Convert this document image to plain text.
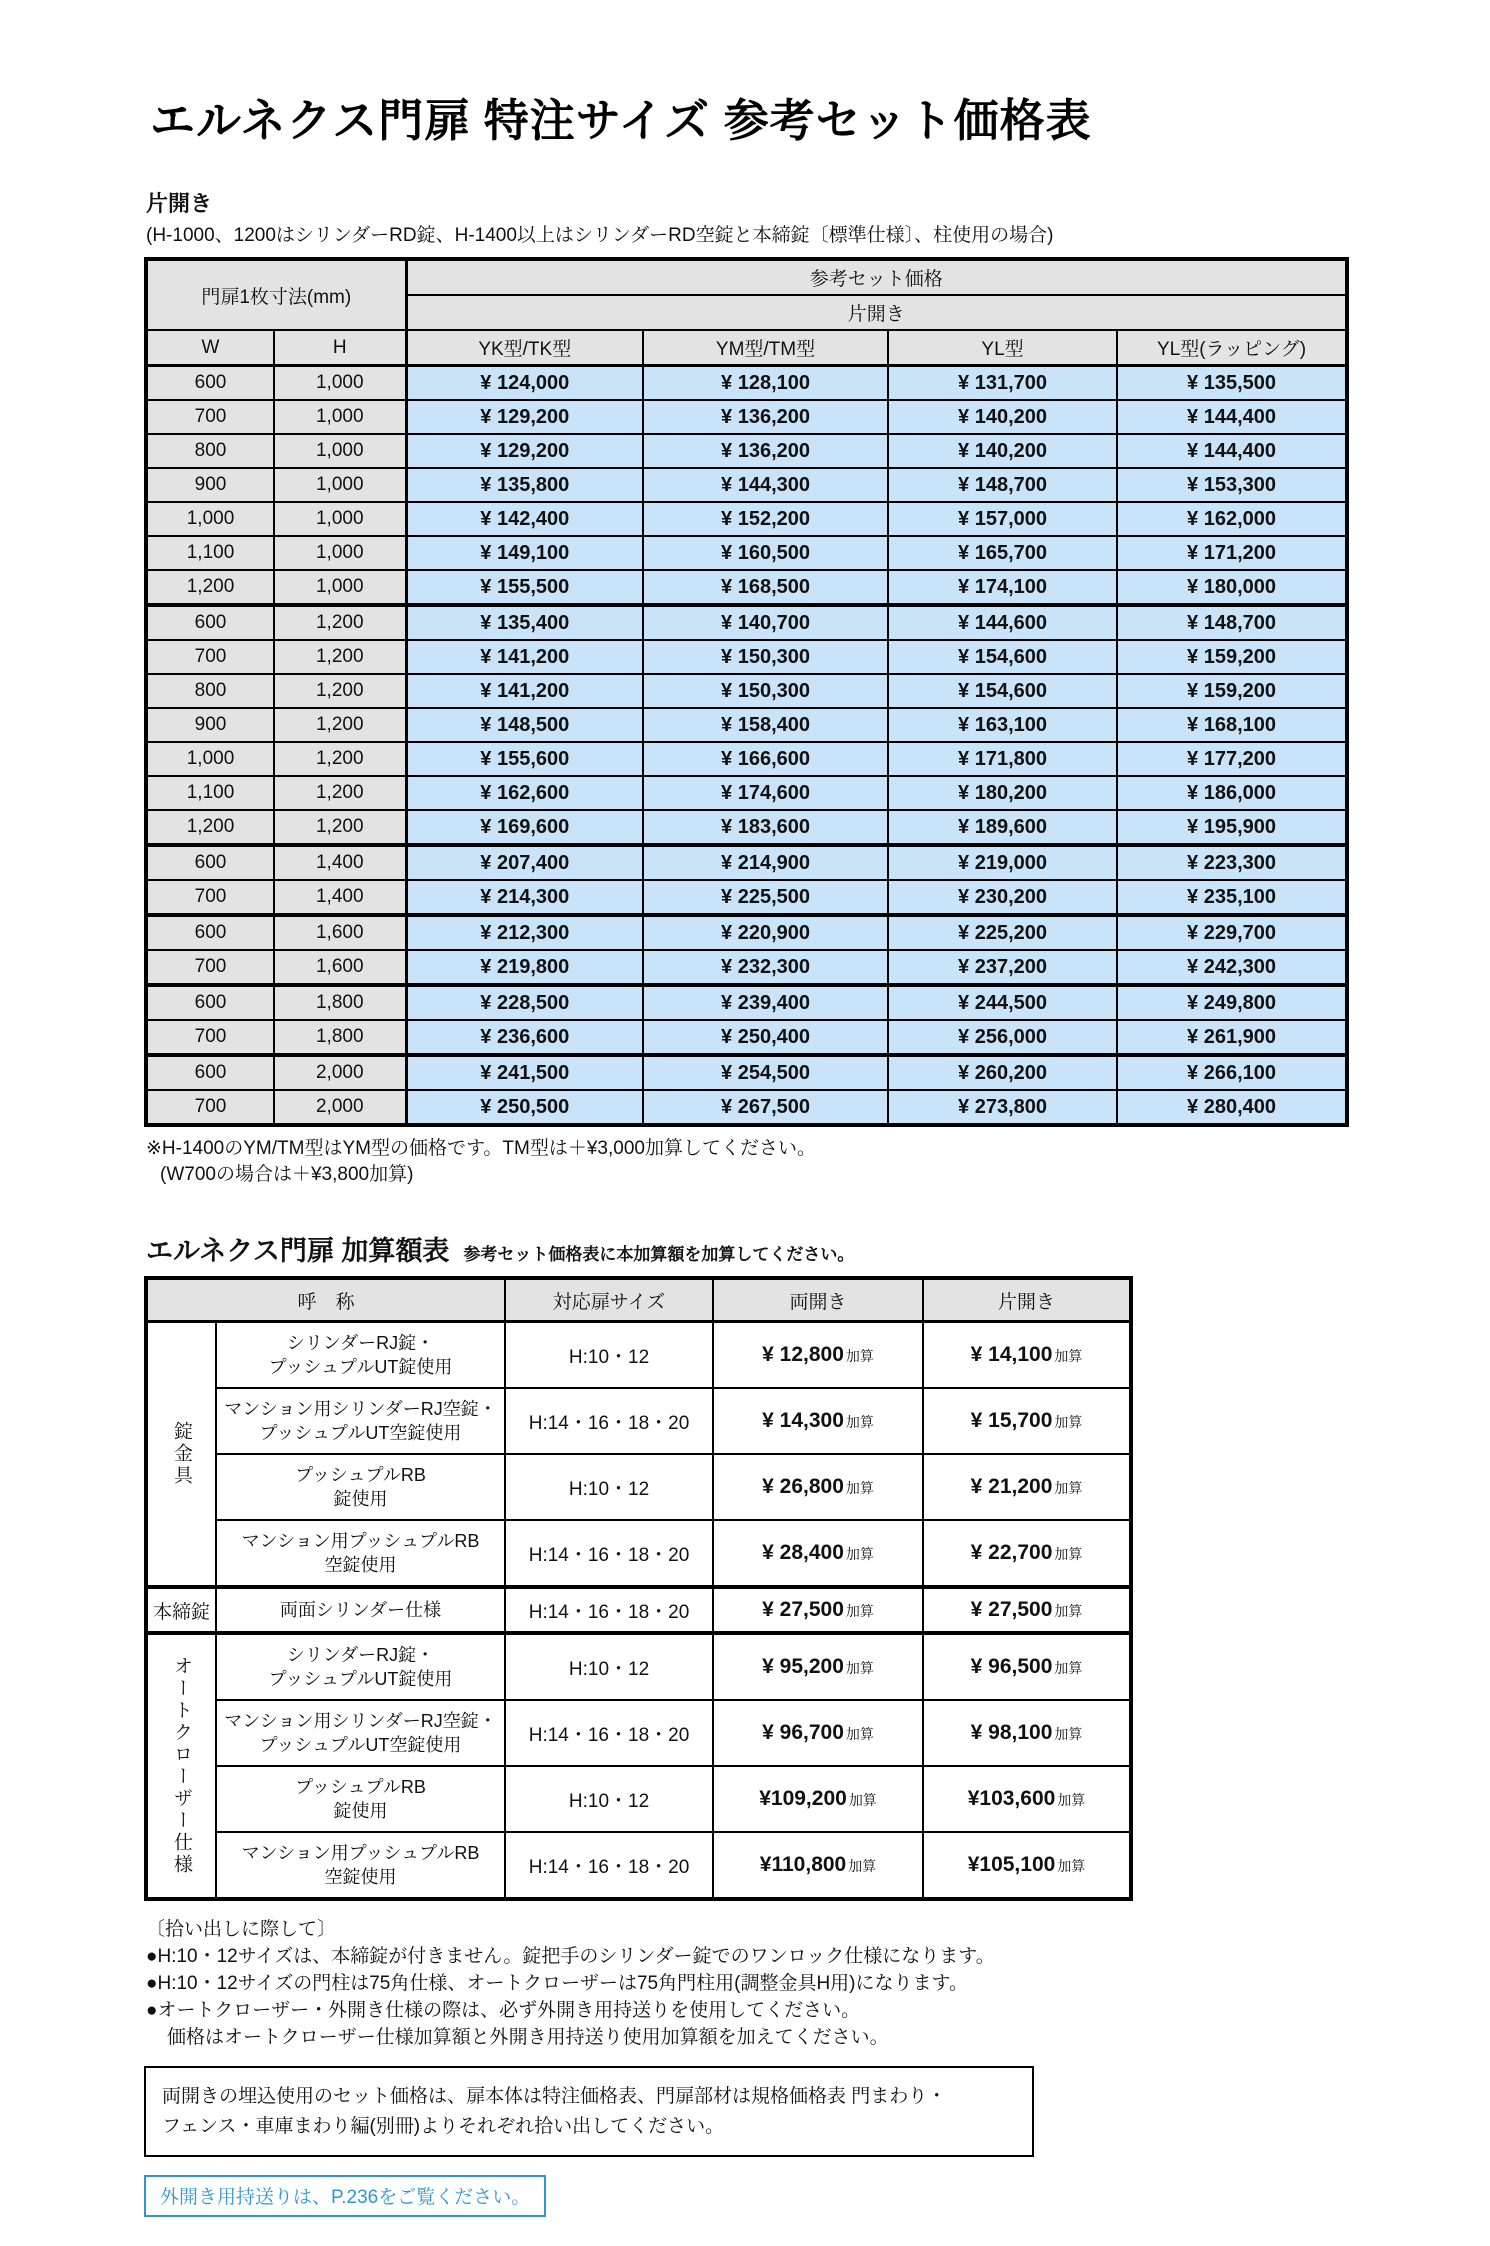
エルネクス門扉 特注サイズ 参考セット価格表
片開き
(H-1000、1200はシリンダーRD錠、H-1400以上はシリンダーRD空錠と本締錠〔標準仕様〕、柱使用の場合)
門扉1枚寸法(mm)		参考セット価格			
		片開き			
W	H	YK型/TK型	YM型/TM型	YL型	YL型(ラッピング)
600	1,000	¥ 124,000	¥ 128,100	¥ 131,700	¥ 135,500
700	1,000	¥ 129,200	¥ 136,200	¥ 140,200	¥ 144,400
800	1,000	¥ 129,200	¥ 136,200	¥ 140,200	¥ 144,400
900	1,000	¥ 135,800	¥ 144,300	¥ 148,700	¥ 153,300
1,000	1,000	¥ 142,400	¥ 152,200	¥ 157,000	¥ 162,000
1,100	1,000	¥ 149,100	¥ 160,500	¥ 165,700	¥ 171,200
1,200	1,000	¥ 155,500	¥ 168,500	¥ 174,100	¥ 180,000
600	1,200	¥ 135,400	¥ 140,700	¥ 144,600	¥ 148,700
700	1,200	¥ 141,200	¥ 150,300	¥ 154,600	¥ 159,200
800	1,200	¥ 141,200	¥ 150,300	¥ 154,600	¥ 159,200
900	1,200	¥ 148,500	¥ 158,400	¥ 163,100	¥ 168,100
1,000	1,200	¥ 155,600	¥ 166,600	¥ 171,800	¥ 177,200
1,100	1,200	¥ 162,600	¥ 174,600	¥ 180,200	¥ 186,000
1,200	1,200	¥ 169,600	¥ 183,600	¥ 189,600	¥ 195,900
600	1,400	¥ 207,400	¥ 214,900	¥ 219,000	¥ 223,300
700	1,400	¥ 214,300	¥ 225,500	¥ 230,200	¥ 235,100
600	1,600	¥ 212,300	¥ 220,900	¥ 225,200	¥ 229,700
700	1,600	¥ 219,800	¥ 232,300	¥ 237,200	¥ 242,300
600	1,800	¥ 228,500	¥ 239,400	¥ 244,500	¥ 249,800
700	1,800	¥ 236,600	¥ 250,400	¥ 256,000	¥ 261,900
600	2,000	¥ 241,500	¥ 254,500	¥ 260,200	¥ 266,100
700	2,000	¥ 250,500	¥ 267,500	¥ 273,800	¥ 280,400
※H-1400のYM/TM型はYM型の価格です。TM型は＋¥3,000加算してください。
(W700の場合は＋¥3,800加算)
エルネクス門扉 加算額表 参考セット価格表に本加算額を加算してください。
呼　称		対応扉サイズ	両開き	片開き
錠金具	シリンダーRJ錠・
プッシュプルUT錠使用	H:10・12	¥ 12,800 加算	¥ 14,100 加算

	マンション用シリンダーRJ空錠・
プッシュプルUT空錠使用	H:14・16・18・20	¥ 14,300 加算	¥ 15,700 加算

	プッシュプルRB
錠使用	H:10・12	¥ 26,800 加算	¥ 21,200 加算

	マンション用プッシュプルRB
空錠使用	H:14・16・18・20	¥ 28,400 加算	¥ 22,700 加算
本締錠	両面シリンダー仕様	H:14・16・18・20	¥ 27,500 加算	¥ 27,500 加算
オートクローザー仕様	シリンダーRJ錠・
プッシュプルUT錠使用	H:10・12	¥ 95,200 加算	¥ 96,500 加算

	マンション用シリンダーRJ空錠・
プッシュプルUT空錠使用	H:14・16・18・20	¥ 96,700 加算	¥ 98,100 加算

	プッシュプルRB
錠使用	H:10・12	¥109,200 加算	¥103,600 加算

	マンション用プッシュプルRB
空錠使用	H:14・16・18・20	¥110,800 加算	¥105,100 加算
〔拾い出しに際して〕
●H:10・12サイズは、本締錠が付きません。錠把手のシリンダー錠でのワンロック仕様になります。
●H:10・12サイズの門柱は75角仕様、オートクローザーは75角門柱用(調整金具H用)になります。
●オートクローザー・外開き仕様の際は、必ず外開き用持送りを使用してください。
価格はオートクローザー仕様加算額と外開き用持送り使用加算額を加えてください。
両開きの埋込使用のセット価格は、扉本体は特注価格表、門扉部材は規格価格表 門まわり・
フェンス・車庫まわり編(別冊)よりそれぞれ拾い出してください。
外開き用持送りは、P.236をご覧ください。
